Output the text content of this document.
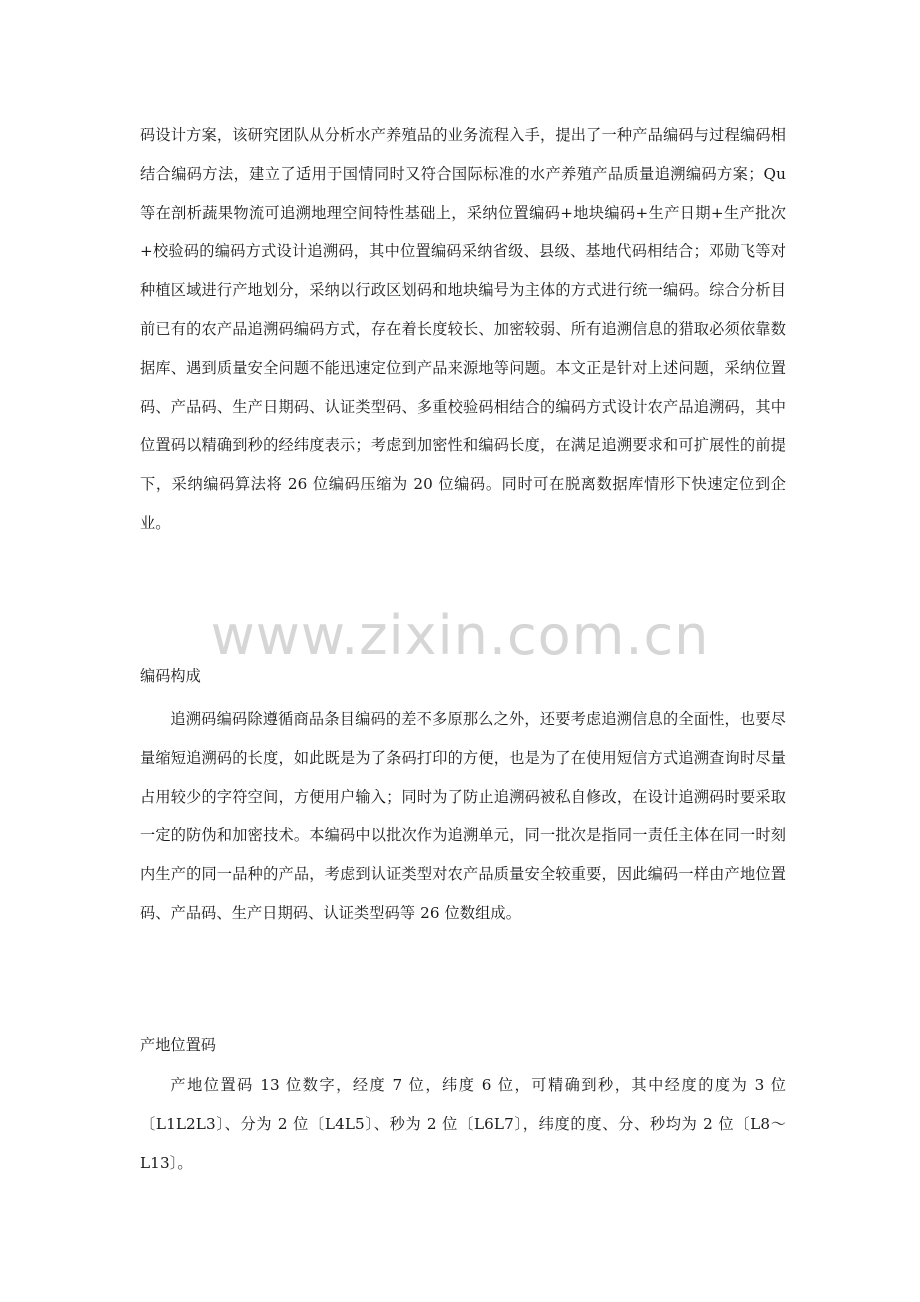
www.zixin.com.cn

码设计方案，该研究团队从分析水产养殖品的业务流程入手，提出了一种产品编码与过程编码相结合编码方法，建立了适用于国情同时又符合国际标准的水产养殖产品质量追溯编码方案；Qu 等在剖析蔬果物流可追溯地理空间特性基础上，采纳位置编码+地块编码+生产日期+生产批次+校验码的编码方式设计追溯码，其中位置编码采纳省级、县级、基地代码相结合；邓勋飞等对种植区域进行产地划分，采纳以行政区划码和地块编号为主体的方式进行统一编码。综合分析目前已有的农产品追溯码编码方式，存在着长度较长、加密较弱、所有追溯信息的猎取必须依靠数据库、遇到质量安全问题不能迅速定位到产品来源地等问题。本文正是针对上述问题，采纳位置码、产品码、生产日期码、认证类型码、多重校验码相结合的编码方式设计农产品追溯码，其中位置码以精确到秒的经纬度表示；考虑到加密性和编码长度，在满足追溯要求和可扩展性的前提下，采纳编码算法将 26 位编码压缩为 20 位编码。同时可在脱离数据库情形下快速定位到企业。

编码构成

追溯码编码除遵循商品条目编码的差不多原那么之外，还要考虑追溯信息的全面性，也要尽量缩短追溯码的长度，如此既是为了条码打印的方便，也是为了在使用短信方式追溯查询时尽量占用较少的字符空间，方便用户输入；同时为了防止追溯码被私自修改，在设计追溯码时要采取一定的防伪和加密技术。本编码中以批次作为追溯单元，同一批次是指同一责任主体在同一时刻内生产的同一品种的产品，考虑到认证类型对农产品质量安全较重要，因此编码一样由产地位置码、产品码、生产日期码、认证类型码等 26 位数组成。

产地位置码

产地位置码 13 位数字，经度 7 位，纬度 6 位，可精确到秒，其中经度的度为 3 位〔L1L2L3〕、分为 2 位〔L4L5〕、秒为 2 位〔L6L7〕，纬度的度、分、秒均为 2 位〔L8～L13〕。
